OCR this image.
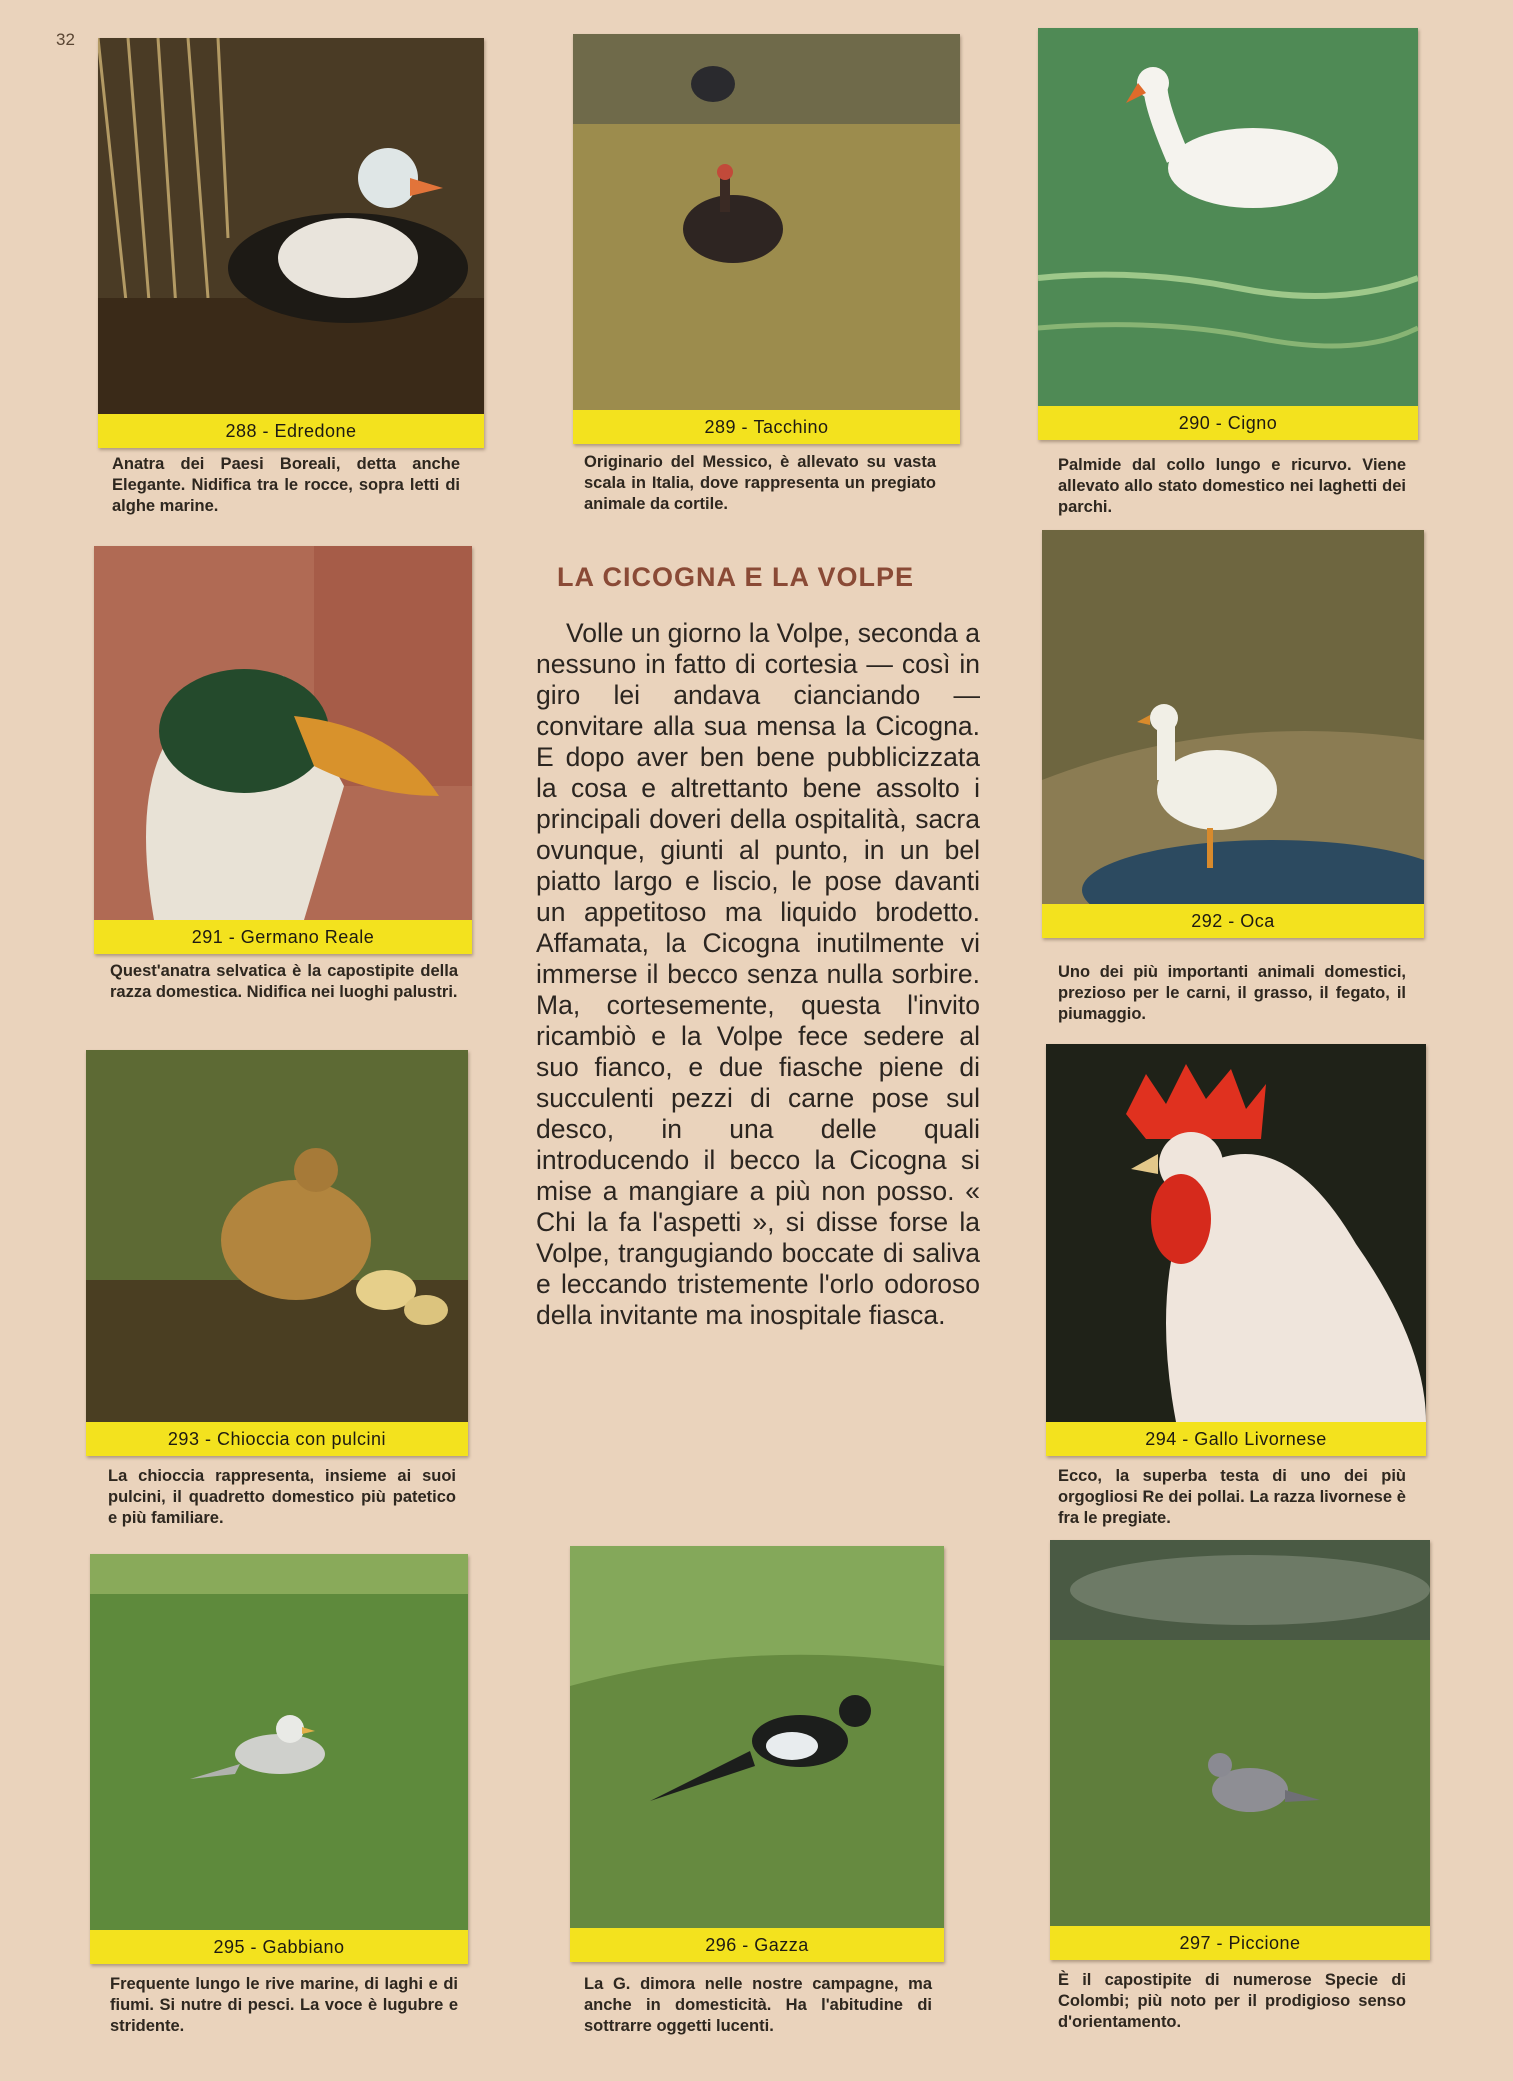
32
288 - Edredone
Anatra dei Paesi Boreali, detta anche Elegante. Nidifica tra le rocce, sopra letti di alghe marine.
289 - Tacchino
Originario del Messico, è allevato su vasta scala in Italia, dove rappresenta un pregiato animale da cortile.
290 - Cigno
Palmide dal collo lungo e ricurvo. Viene allevato allo stato domestico nei laghetti dei parchi.
291 - Germano Reale
Quest'anatra selvatica è la capostipite della razza domestica. Nidifica nei luoghi palustri.
LA CICOGNA E LA VOLPE
Volle un giorno la Volpe, seconda a nessuno in fatto di cortesia — così in giro lei andava cianciando — convitare alla sua mensa la Cicogna. E dopo aver ben bene pubblicizzata la cosa e altrettanto bene assolto i principali doveri della ospitalità, sacra ovunque, giunti al punto, in un bel piatto largo e liscio, le pose davanti un appetitoso ma liquido brodetto. Affamata, la Cicogna inutilmente vi immerse il becco senza nulla sorbire. Ma, cortesemente, questa l'invito ricambiò e la Volpe fece sedere al suo fianco, e due fiasche piene di succulenti pezzi di carne pose sul desco, in una delle quali introducendo il becco la Cicogna si mise a mangiare a più non posso. « Chi la fa l'aspetti », si disse forse la Volpe, trangugiando boccate di saliva e leccando tristemente l'orlo odoroso della invitante ma inospitale fiasca.
292 - Oca
Uno dei più importanti animali domestici, prezioso per le carni, il grasso, il fegato, il piumaggio.
293 - Chioccia con pulcini
La chioccia rappresenta, insieme ai suoi pulcini, il quadretto domestico più patetico e più familiare.
294 - Gallo Livornese
Ecco, la superba testa di uno dei più orgogliosi Re dei pollai. La razza livornese è fra le pregiate.
295 - Gabbiano
Frequente lungo le rive marine, di laghi e di fiumi. Si nutre di pesci. La voce è lugubre e stridente.
296 - Gazza
La G. dimora nelle nostre campagne, ma anche in domesticità. Ha l'abitudine di sottrarre oggetti lucenti.
297 - Piccione
È il capostipite di numerose Specie di Colombi; più noto per il prodigioso senso d'orientamento.
